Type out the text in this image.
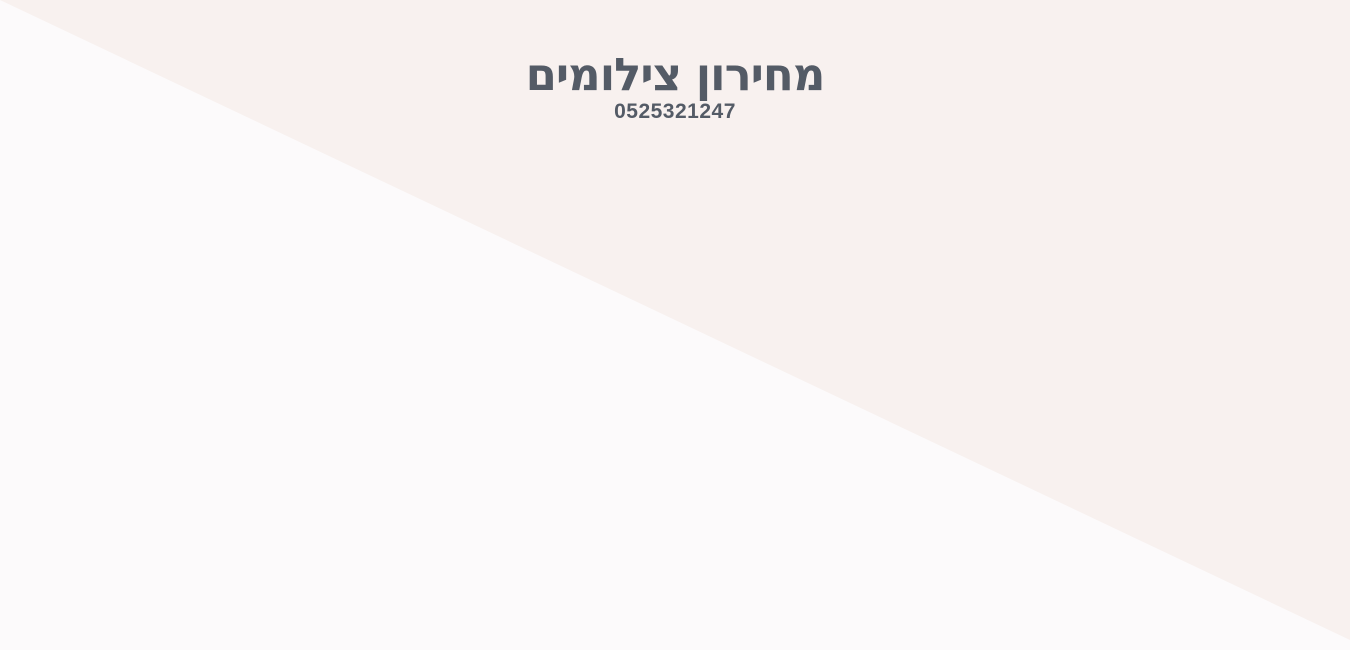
מחירון צילומים
0525321247
